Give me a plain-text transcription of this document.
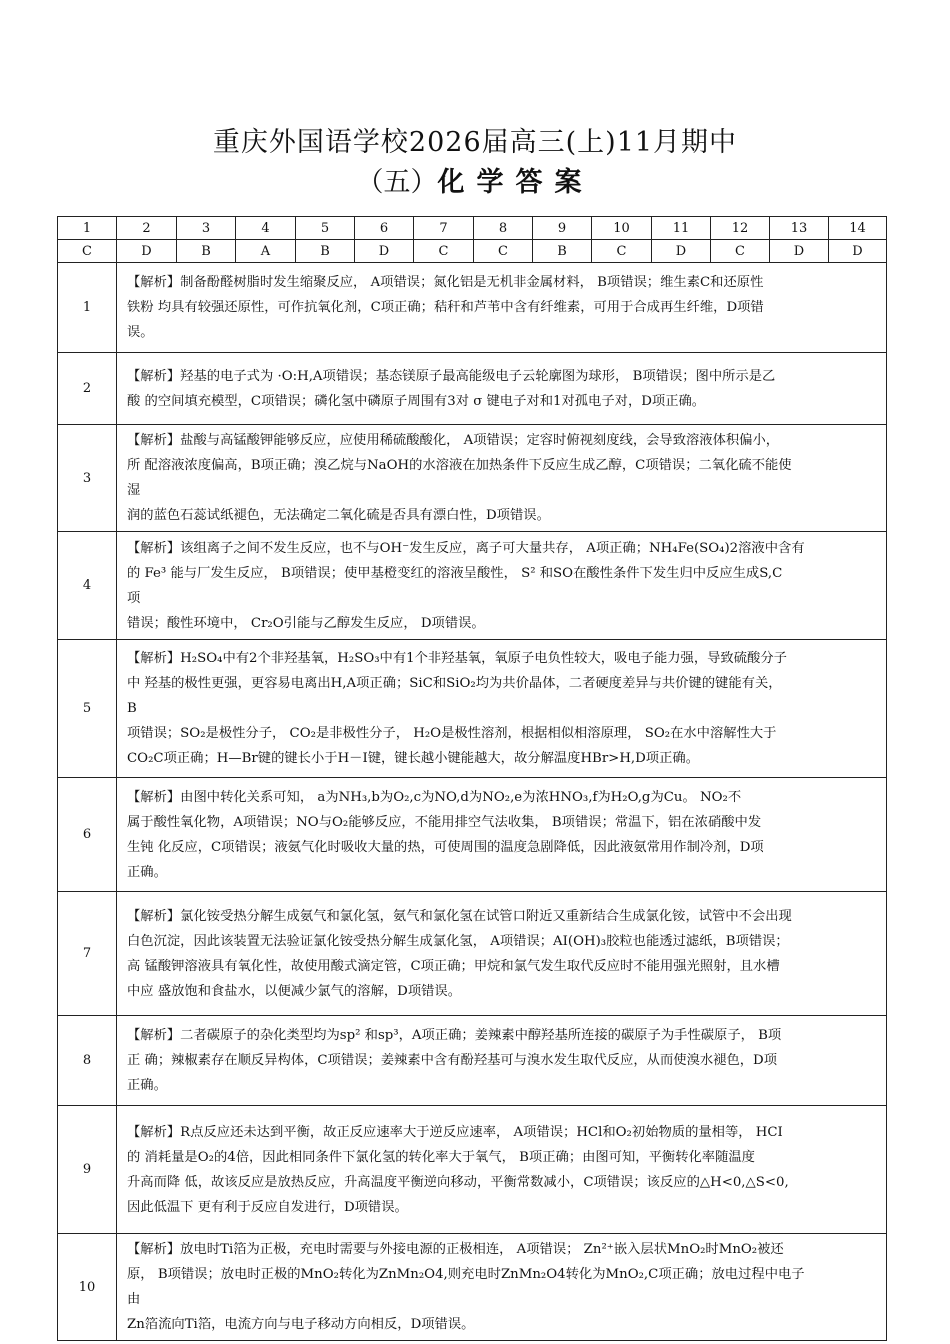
重庆外国语学校2026届高三(上)11月期中
（五）化学答案
1	2	3	4	5	6	7	8	9	10	11	12	13	14
C	D	B	A	B	D	C	C	B	C	D	C	D	D
1	【解析】制备酚醛树脂时发生缩聚反应， A项错误；氮化铝是无机非金属材料， B项错误；维生素C和还原性
铁粉 均具有较强还原性，可作抗氧化剂，C项正确；秸秆和芦苇中含有纤维素，可用于合成再生纤维，D项错
误。												

2	【解析】羟基的电子式为 ·O:H,A项错误；基态镁原子最高能级电子云轮廓图为球形， B项错误；图中所示是乙
酸 的空间填充模型，C项错误；磷化氢中磷原子周围有3对 σ 键电子对和1对孤电子对，D项正确。												

3	【解析】盐酸与高锰酸钾能够反应，应使用稀硫酸酸化， A项错误；定容时俯视刻度线，会导致溶液体积偏小，
所 配溶液浓度偏高，B项正确；溴乙烷与NaOH的水溶液在加热条件下反应生成乙醇，C项错误；二氧化硫不能使
湿
润的蓝色石蕊试纸褪色，无法确定二氧化硫是否具有漂白性，D项错误。												

4	【解析】该组离子之间不发生反应，也不与OH⁻发生反应，离子可大量共存， A项正确；NH₄Fe(SO₄)2溶液中含有
的 Fe³ 能与厂发生反应， B项错误；使甲基橙变红的溶液呈酸性， S² 和SO在酸性条件下发生归中反应生成S,C
项
错误；酸性环境中， Cr₂O引能与乙醇发生反应， D项错误。												

5	【解析】H₂SO₄中有2个非羟基氧，H₂SO₃中有1个非羟基氧，氧原子电负性较大，吸电子能力强，导致硫酸分子
中 羟基的极性更强，更容易电离出H,A项正确；SiC和SiO₂均为共价晶体，二者硬度差异与共价键的键能有关，
B
项错误；SO₂是极性分子， CO₂是非极性分子， H₂O是极性溶剂，根据相似相溶原理， SO₂在水中溶解性大于
CO₂C项正确；H—Br键的键长小于H－I键，键长越小键能越大，故分解温度HBr>H,D项正确。												

6	【解析】由图中转化关系可知， a为NH₃,b为O₂,c为NO,d为NO₂,e为浓HNO₃,f为H₂O,g为Cu。 NO₂不
属于酸性氧化物，A项错误；NO与O₂能够反应，不能用排空气法收集， B项错误；常温下，铝在浓硝酸中发
生钝 化反应，C项错误；液氨气化时吸收大量的热，可使周围的温度急剧降低，因此液氨常用作制冷剂，D项
正确。												

7	【解析】氯化铵受热分解生成氨气和氯化氢，氨气和氯化氢在试管口附近又重新结合生成氯化铵，试管中不会出现
白色沉淀，因此该装置无法验证氯化铵受热分解生成氯化氢， A项错误；AI(OH)₃胶粒也能透过滤纸，B项错误；
高 锰酸钾溶液具有氧化性，故使用酸式滴定管，C项正确；甲烷和氯气发生取代反应时不能用强光照射，且水槽
中应 盛放饱和食盐水，以便减少氯气的溶解，D项错误。												

8	【解析】二者碳原子的杂化类型均为sp² 和sp³，A项正确；姜辣素中醇羟基所连接的碳原子为手性碳原子， B项
正 确；辣椒素存在顺反异构体，C项错误；姜辣素中含有酚羟基可与溴水发生取代反应，从而使溴水褪色，D项
正确。												

9	【解析】R点反应还未达到平衡，故正反应速率大于逆反应速率， A项错误；HCl和O₂初始物质的量相等， HCI
的 消耗量是O₂的4倍，因此相同条件下氯化氢的转化率大于氧气， B项正确；由图可知，平衡转化率随温度
升高而降 低，故该反应是放热反应，升高温度平衡逆向移动，平衡常数减小，C项错误；该反应的△H<0,△S<0,
因此低温下 更有利于反应自发进行，D项错误。												

10	【解析】放电时Ti箔为正极，充电时需要与外接电源的正极相连， A项错误； Zn²⁺嵌入层状MnO₂时MnO₂被还
原， B项错误；放电时正极的MnO₂转化为ZnMn₂O4,则充电时ZnMn₂O4转化为MnO₂,C项正确；放电过程中电子
由
Zn箔流向Ti箔，电流方向与电子移动方向相反，D项错误。												
